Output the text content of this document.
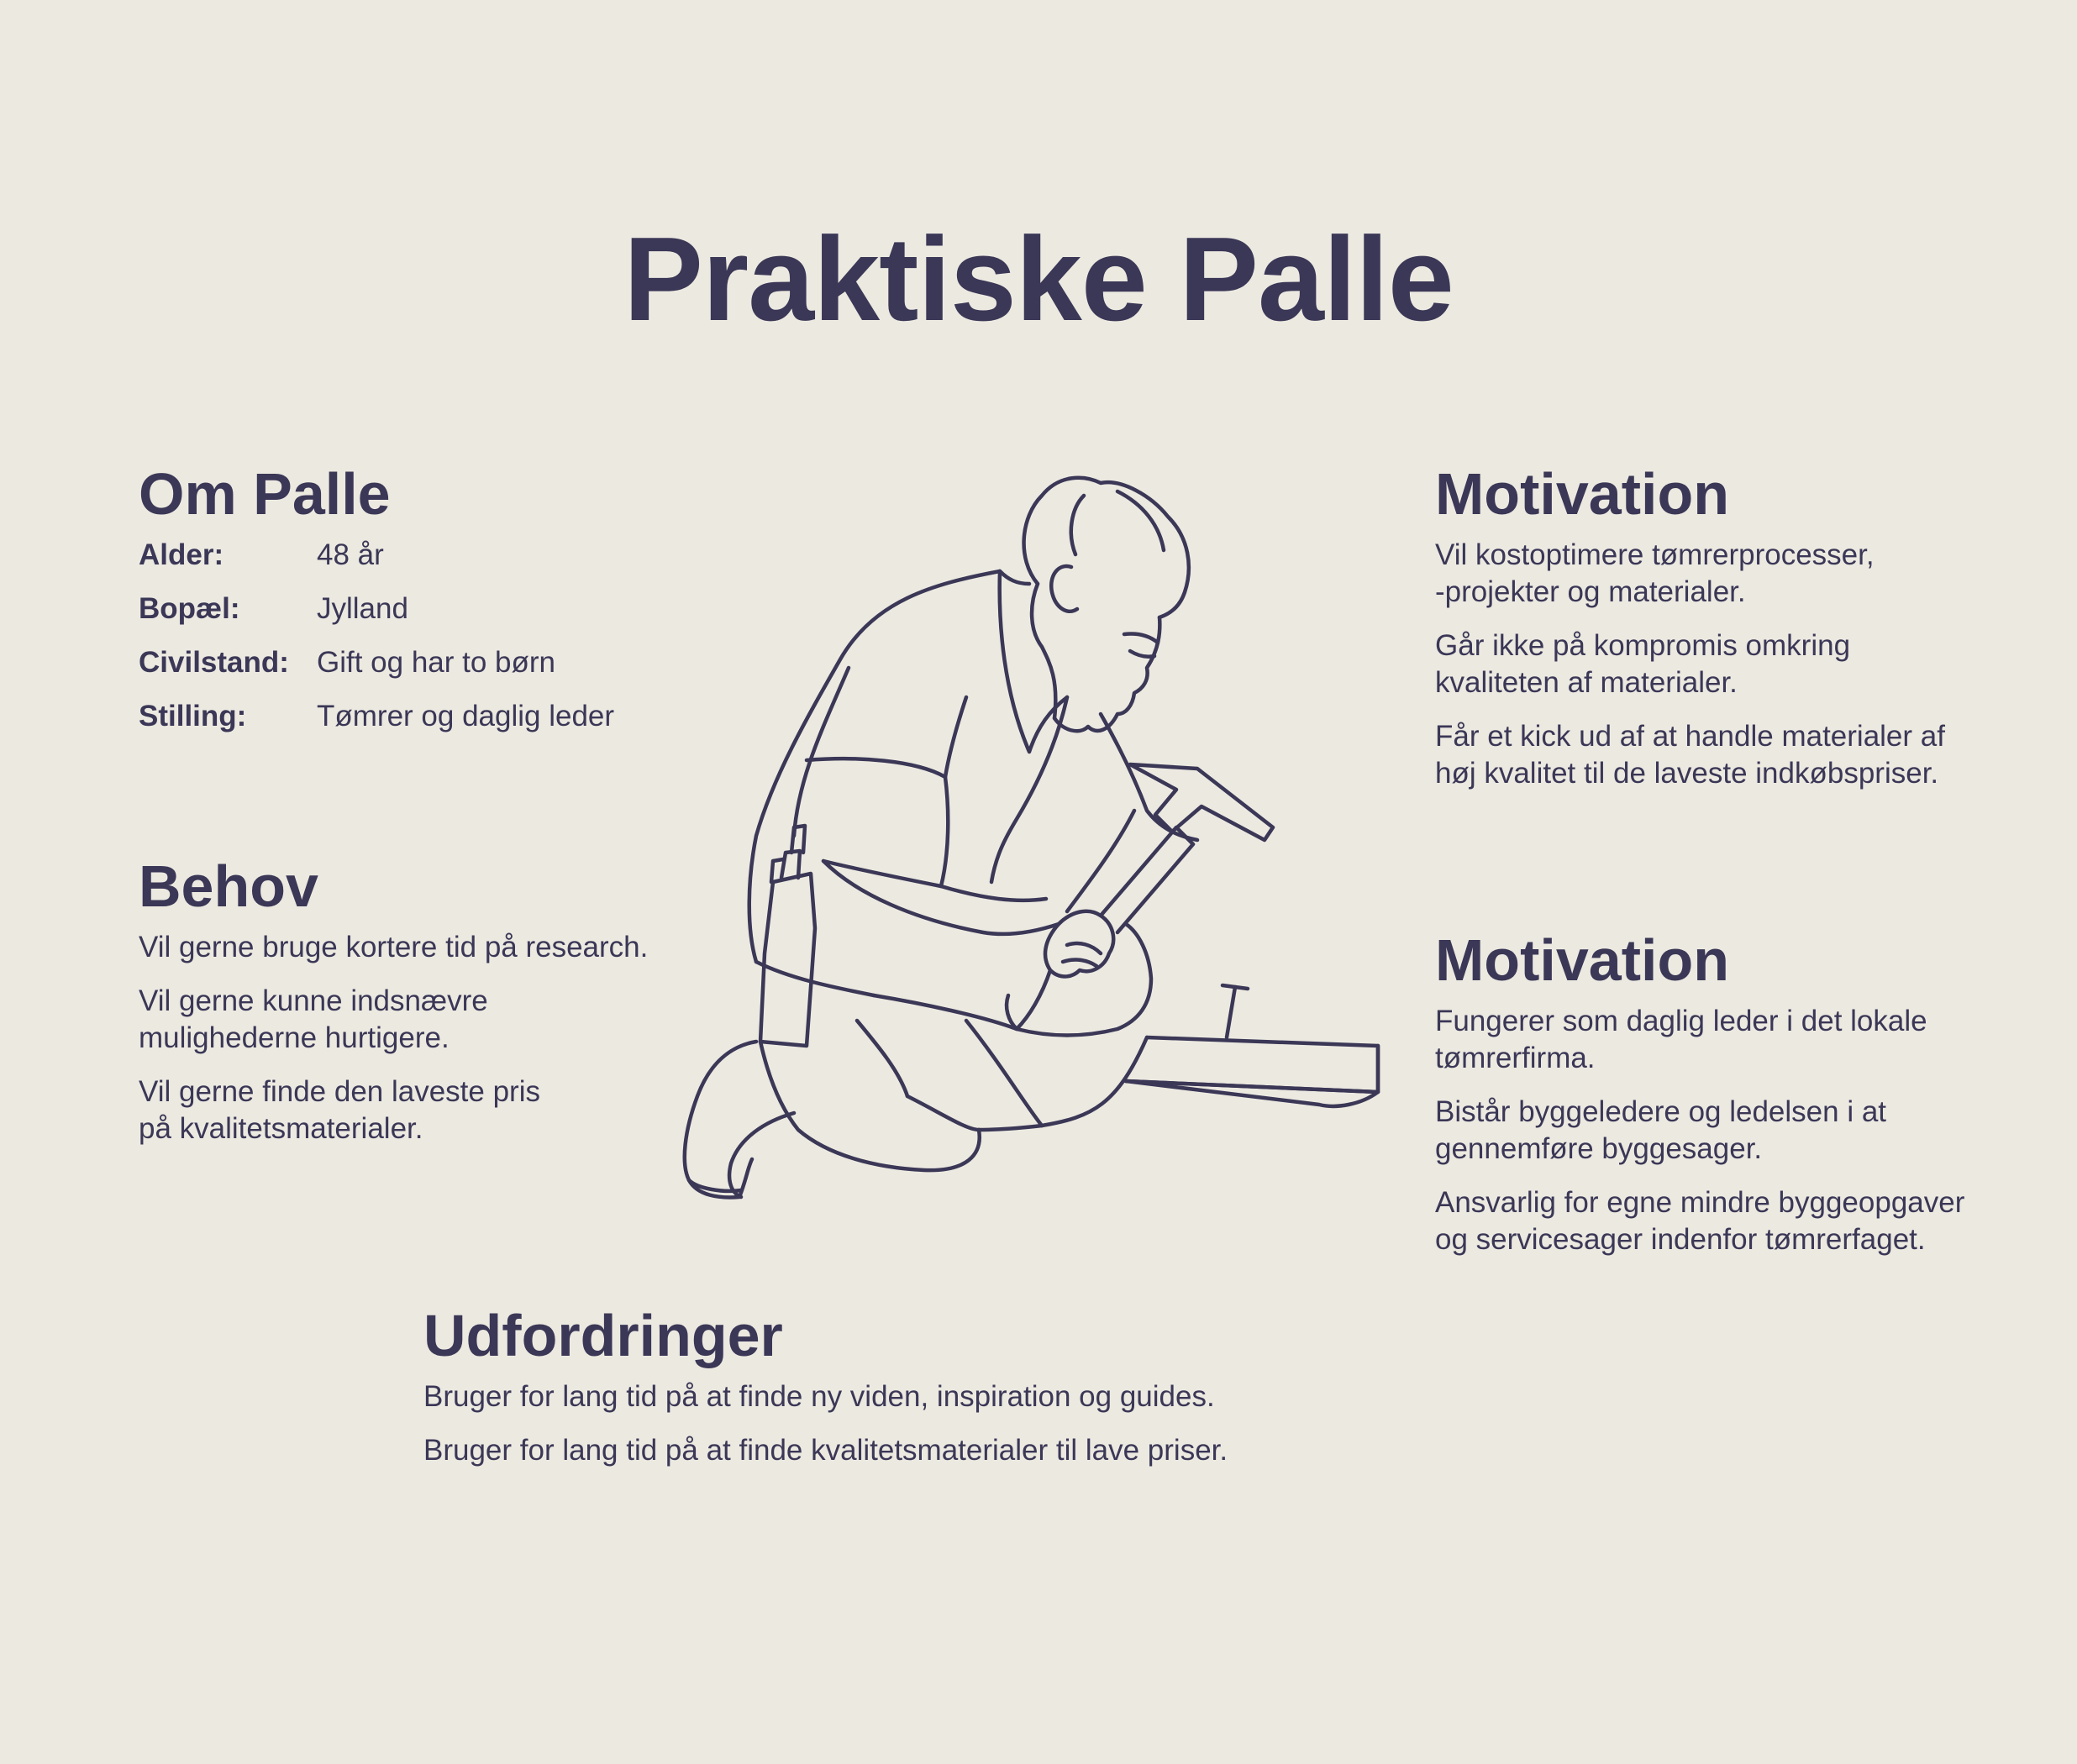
Praktiske Palle
Om Palle
Alder:	48 år
Bopæl:	Jylland
Civilstand: Gift og har to børn
Stilling:	Tømrer og daglig leder
Behov

Vil gerne bruge kortere tid på research.

Vil gerne kunne indsnævre
mulighederne hurtigere.

Vil gerne finde den laveste pris
på kvalitetsmaterialer.

Motivation

Vil kostoptimere tømrerprocesser,
-projekter og materialer.

Går ikke på kompromis omkring
kvaliteten af materialer.

Får et kick ud af at handle materialer af
høj kvalitet til de laveste indkøbspriser.

Motivation

Fungerer som daglig leder i det lokale
tømrerfirma.

Bistår byggeledere og ledelsen i at
gennemføre byggesager.

Ansvarlig for egne mindre byggeopgaver
og servicesager indenfor tømrerfaget.

Udfordringer

Bruger for lang tid på at finde ny viden, inspiration og guides.

Bruger for lang tid på at finde kvalitetsmaterialer til lave priser.
